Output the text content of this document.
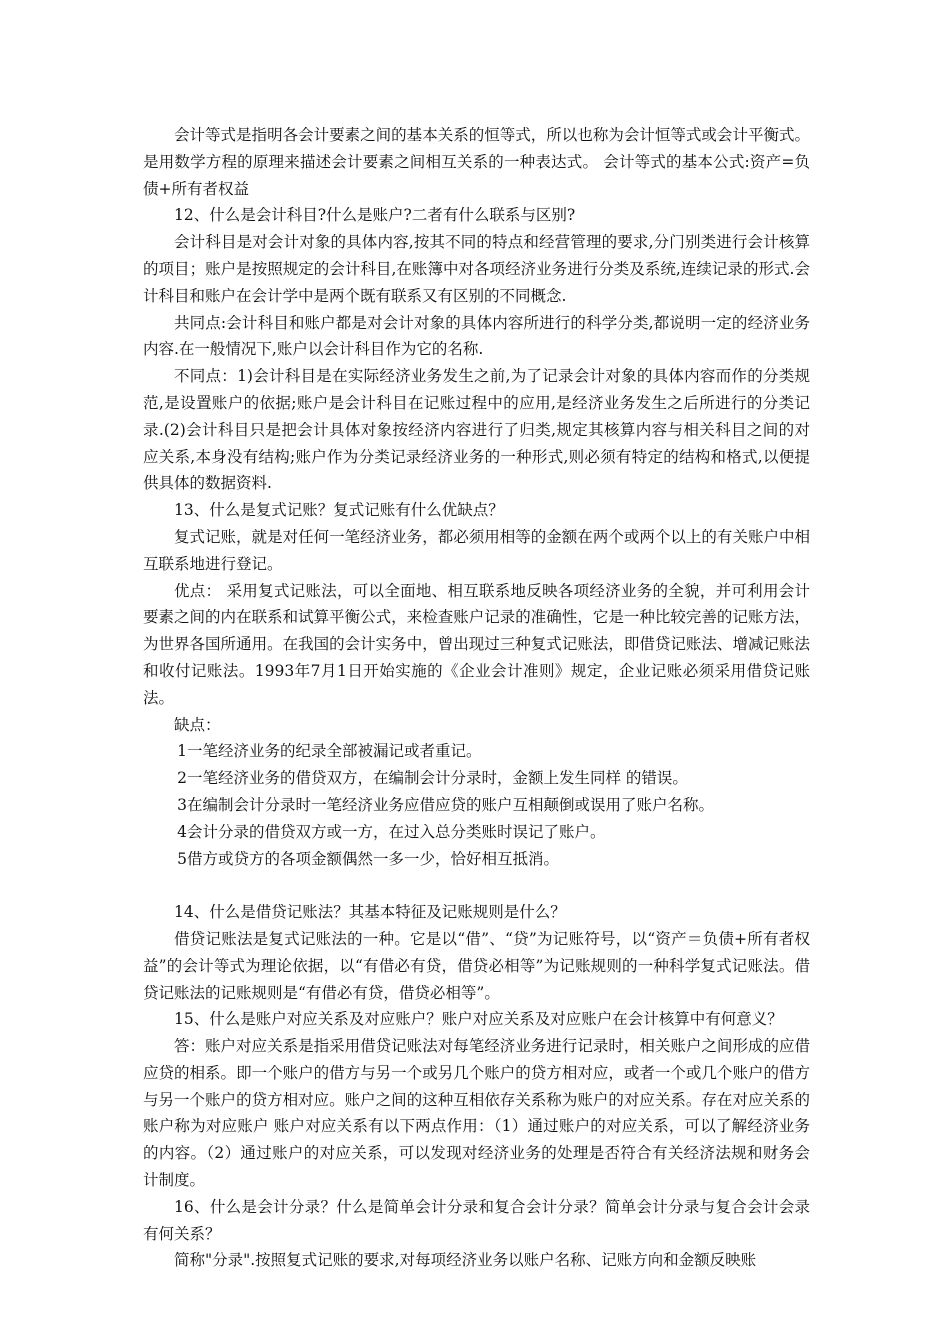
会计等式是指明各会计要素之间的基本关系的恒等式，所以也称为会计恒等式或会计平衡式。是用数学方程的原理来描述会计要素之间相互关系的一种表达式。 会计等式的基本公式:资产=负债+所有者权益

12、什么是会计科目?什么是账户?二者有什么联系与区别?

会计科目是对会计对象的具体内容,按其不同的特点和经营管理的要求,分门别类进行会计核算的项目；账户是按照规定的会计科目,在账簿中对各项经济业务进行分类及系统,连续记录的形式.会计科目和账户在会计学中是两个既有联系又有区别的不同概念.

共同点:会计科目和账户都是对会计对象的具体内容所进行的科学分类,都说明一定的经济业务内容.在一般情况下,账户以会计科目作为它的名称.

不同点：1)会计科目是在实际经济业务发生之前,为了记录会计对象的具体内容而作的分类规范,是设置账户的依据;账户是会计科目在记账过程中的应用,是经济业务发生之后所进行的分类记录.(2)会计科目只是把会计具体对象按经济内容进行了归类,规定其核算内容与相关科目之间的对应关系,本身没有结构;账户作为分类记录经济业务的一种形式,则必须有特定的结构和格式,以便提供具体的数据资料.

13、什么是复式记账？复式记账有什么优缺点？

复式记账，就是对任何一笔经济业务，都必须用相等的金额在两个或两个以上的有关账户中相互联系地进行登记。

优点： 采用复式记账法，可以全面地、相互联系地反映各项经济业务的全貌，并可利用会计要素之间的内在联系和试算平衡公式，来检查账户记录的准确性，它是一种比较完善的记账方法，为世界各国所通用。在我国的会计实务中，曾出现过三种复式记账法，即借贷记账法、增减记账法和收付记账法。1993年7月1日开始实施的《企业会计准则》规定，企业记账必须采用借贷记账法。

缺点：

1一笔经济业务的纪录全部被漏记或者重记。

2一笔经济业务的借贷双方，在编制会计分录时，金额上发生同样 的错误。

3在编制会计分录时一笔经济业务应借应贷的账户互相颠倒或误用了账户名称。

4会计分录的借贷双方或一方，在过入总分类账时误记了账户。

5借方或贷方的各项金额偶然一多一少，恰好相互抵消。

14、什么是借贷记账法？其基本特征及记账规则是什么？

借贷记账法是复式记账法的一种。它是以“借”、“贷”为记账符号，以“资产＝负债+所有者权益”的会计等式为理论依据，以“有借必有贷，借贷必相等”为记账规则的一种科学复式记账法。借贷记账法的记账规则是“有借必有贷，借贷必相等”。

15、什么是账户对应关系及对应账户？账户对应关系及对应账户在会计核算中有何意义？

答：账户对应关系是指采用借贷记账法对每笔经济业务进行记录时，相关账户之间形成的应借应贷的相系。即一个账户的借方与另一个或另几个账户的贷方相对应，或者一个或几个账户的借方与另一个账户的贷方相对应。账户之间的这种互相依存关系称为账户的对应关系。存在对应关系的账户称为对应账户 账户对应关系有以下两点作用：（1）通过账户的对应关系，可以了解经济业务的内容。（2）通过账户的对应关系，可以发现对经济业务的处理是否符合有关经济法规和财务会计制度。

16、什么是会计分录？什么是简单会计分录和复合会计分录？简单会计分录与复合会计会录有何关系？

简称"分录".按照复式记账的要求,对每项经济业务以账户名称、记账方向和金额反映账
